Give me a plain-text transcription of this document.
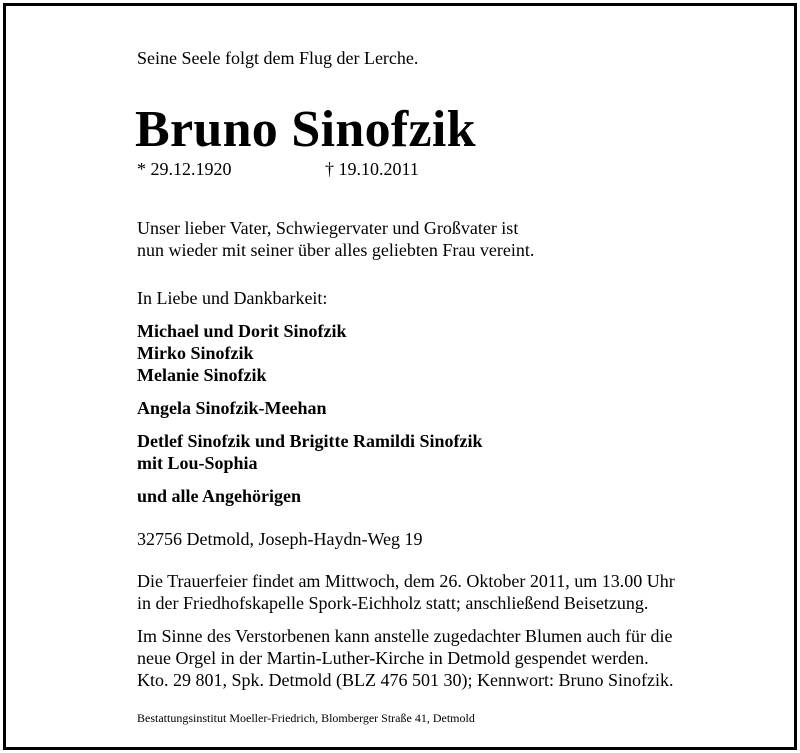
Seine Seele folgt dem Flug der Lerche.
Bruno Sinofzik
* 29.12.1920	† 19.10.2011
Unser lieber Vater, Schwiegervater und Großvater ist
nun wieder mit seiner über alles geliebten Frau vereint.
In Liebe und Dankbarkeit:
Michael und Dorit Sinofzik
Mirko Sinofzik
Melanie Sinofzik
Angela Sinofzik-Meehan
Detlef Sinofzik und Brigitte Ramildi Sinofzik
mit Lou-Sophia
und alle Angehörigen
32756 Detmold, Joseph-Haydn-Weg 19
Die Trauerfeier findet am Mittwoch, dem 26. Oktober 2011, um 13.00 Uhr
in der Friedhofskapelle Spork-Eichholz statt; anschließend Beisetzung.
Im Sinne des Verstorbenen kann anstelle zugedachter Blumen auch für die
neue Orgel in der Martin-Luther-Kirche in Detmold gespendet werden.
Kto. 29 801, Spk. Detmold (BLZ 476 501 30); Kennwort: Bruno Sinofzik.
Bestattungsinstitut Moeller-Friedrich, Blomberger Straße 41, Detmold
